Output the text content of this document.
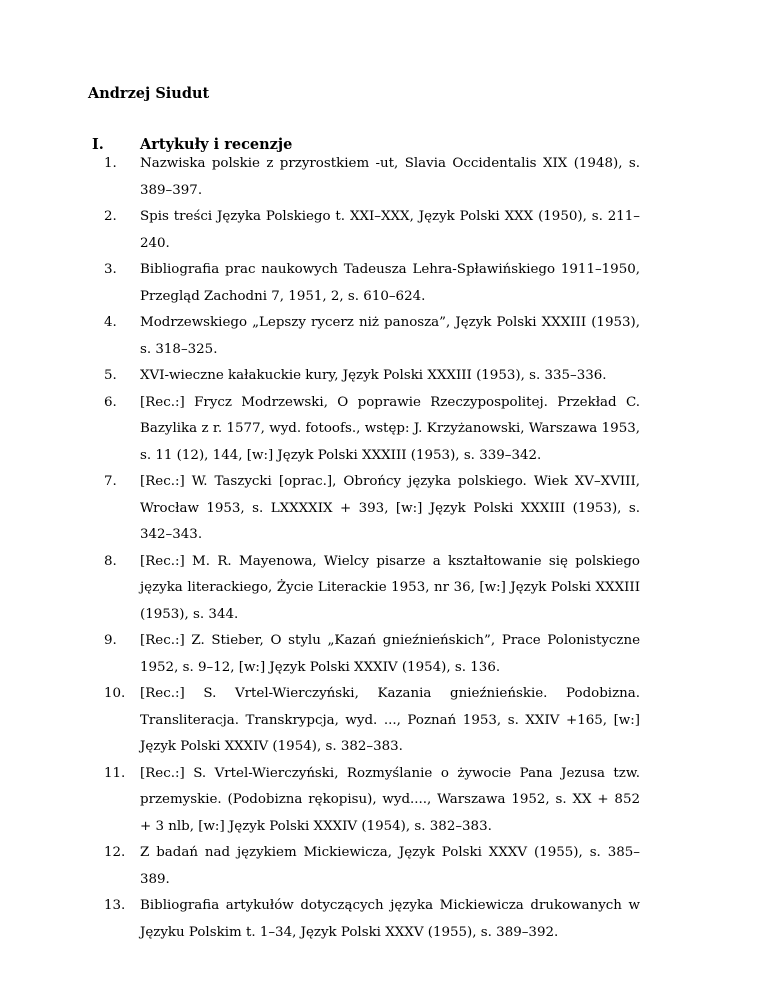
Andrzej Siudut

I. Artykuły i recenzje

1. Nazwiska polskie z przyrostkiem -ut, Slavia Occidentalis XIX (1948), s. 389–397.
2. Spis treści Języka Polskiego t. XXI–XXX, Język Polski XXX (1950), s. 211–240.
3. Bibliografia prac naukowych Tadeusza Lehra-Spławińskiego 1911–1950, Przegląd Zachodni 7, 1951, 2, s. 610–624.
4. Modrzewskiego „Lepszy rycerz niż panosza”, Język Polski XXXIII (1953), s. 318–325.
5. XVI-wieczne kałakuckie kury, Język Polski XXXIII (1953), s. 335–336.
6. [Rec.:] Frycz Modrzewski, O poprawie Rzeczypospolitej. Przekład C. Bazylika z r. 1577, wyd. fotoofs., wstęp: J. Krzyżanowski, Warszawa 1953, s. 11 (12), 144, [w:] Język Polski XXXIII (1953), s. 339–342.
7. [Rec.:] W. Taszycki [oprac.], Obrońcy języka polskiego. Wiek XV–XVIII, Wrocław 1953, s. LXXXXIX + 393, [w:] Język Polski XXXIII (1953), s. 342–343.
8. [Rec.:] M. R. Mayenowa, Wielcy pisarze a kształtowanie się polskiego języka literackiego, Życie Literackie 1953, nr 36, [w:] Język Polski XXXIII (1953), s. 344.
9. [Rec.:] Z. Stieber, O stylu „Kazań gnieźnieńskich”, Prace Polonistyczne 1952, s. 9–12, [w:] Język Polski XXXIV (1954), s. 136.
10. [Rec.:] S. Vrtel-Wierczyński, Kazania gnieźnieńskie. Podobizna. Transliteracja. Transkrypcja, wyd. ..., Poznań 1953, s. XXIV +165, [w:] Język Polski XXXIV (1954), s. 382–383.
11. [Rec.:] S. Vrtel-Wierczyński, Rozmyślanie o żywocie Pana Jezusa tzw. przemyskie. (Podobizna rękopisu), wyd...., Warszawa 1952, s. XX + 852 + 3 nlb, [w:] Język Polski XXXIV (1954), s. 382–383.
12. Z badań nad językiem Mickiewicza, Język Polski XXXV (1955), s. 385–389.
13. Bibliografia artykułów dotyczących języka Mickiewicza drukowanych w Języku Polskim t. 1–34, Język Polski XXXV (1955), s. 389–392.
